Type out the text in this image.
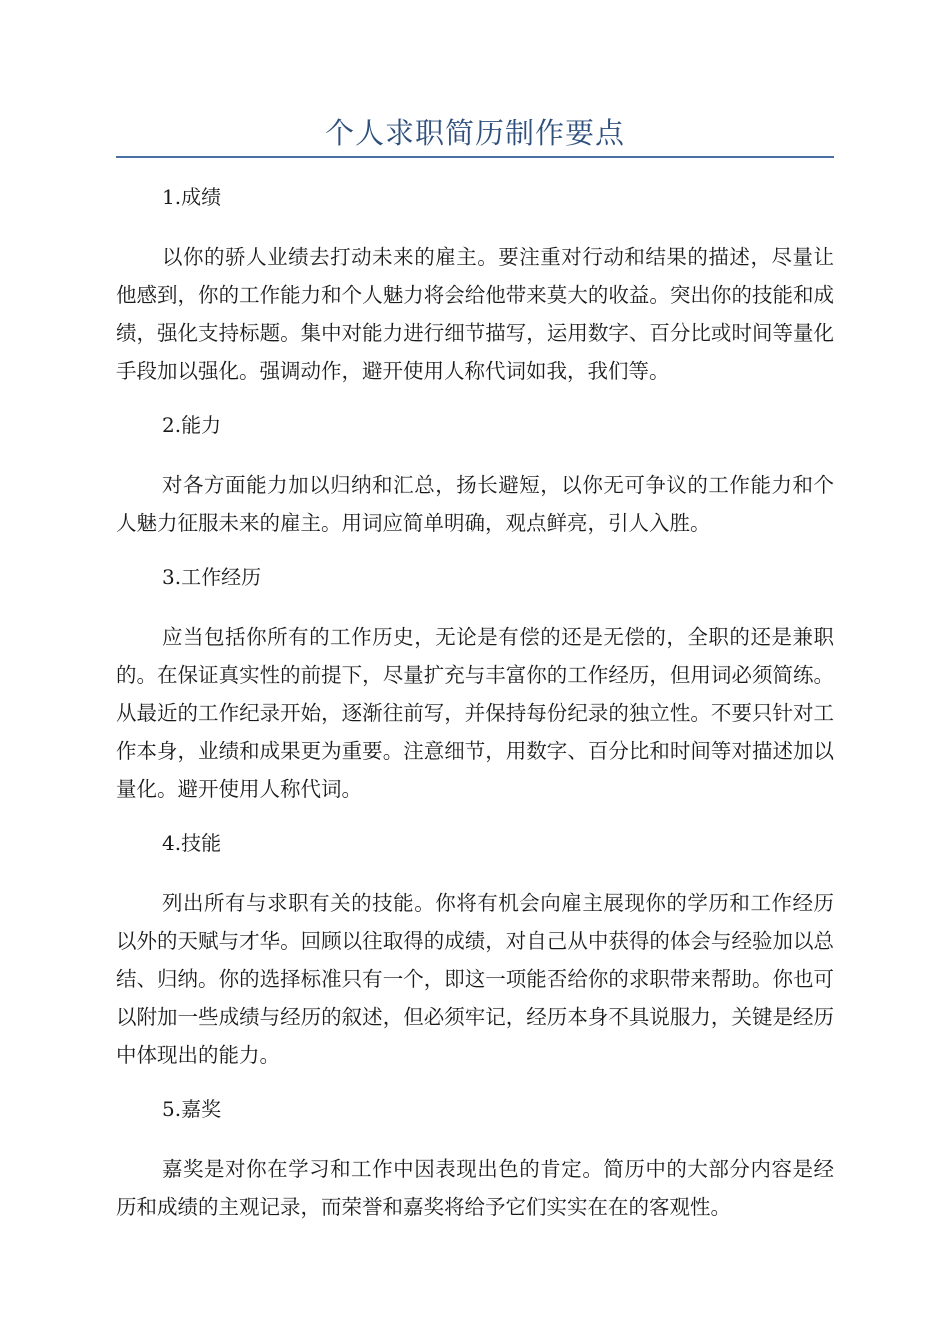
个人求职简历制作要点

1.成绩

以你的骄人业绩去打动未来的雇主。要注重对行动和结果的描述，尽量让他感到，你的工作能力和个人魅力将会给他带来莫大的收益。突出你的技能和成绩，强化支持标题。集中对能力进行细节描写，运用数字、百分比或时间等量化手段加以强化。强调动作，避开使用人称代词如我，我们等。

2.能力

对各方面能力加以归纳和汇总，扬长避短，以你无可争议的工作能力和个人魅力征服未来的雇主。用词应简单明确，观点鲜亮，引人入胜。

3.工作经历

应当包括你所有的工作历史，无论是有偿的还是无偿的，全职的还是兼职的。在保证真实性的前提下，尽量扩充与丰富你的工作经历，但用词必须简练。从最近的工作纪录开始，逐渐往前写，并保持每份纪录的独立性。不要只针对工作本身，业绩和成果更为重要。注意细节，用数字、百分比和时间等对描述加以量化。避开使用人称代词。

4.技能

列出所有与求职有关的技能。你将有机会向雇主展现你的学历和工作经历以外的天赋与才华。回顾以往取得的成绩，对自己从中获得的体会与经验加以总结、归纳。你的选择标准只有一个，即这一项能否给你的求职带来帮助。你也可以附加一些成绩与经历的叙述，但必须牢记，经历本身不具说服力，关键是经历中体现出的能力。

5.嘉奖

嘉奖是对你在学习和工作中因表现出色的肯定。简历中的大部分内容是经历和成绩的主观记录，而荣誉和嘉奖将给予它们实实在在的客观性。
